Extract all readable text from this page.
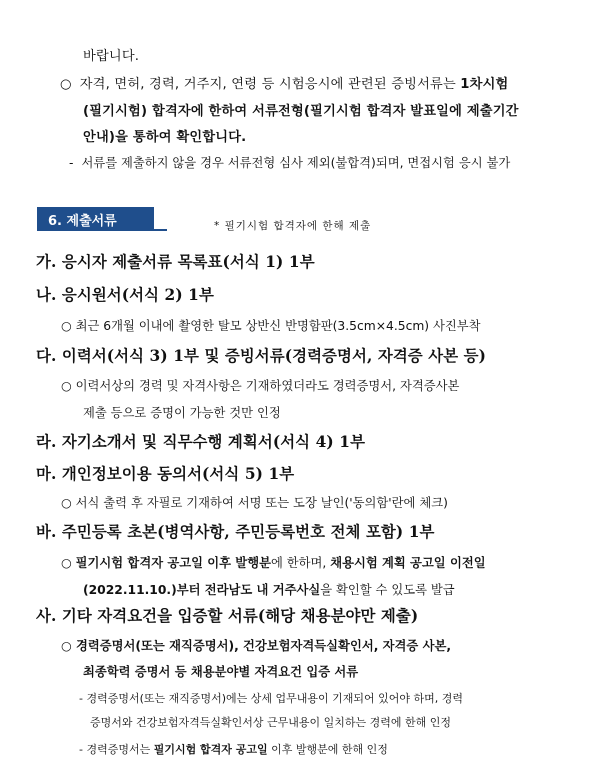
바랍니다.
○ 자격, 면허, 경력, 거주지, 연령 등 시험응시에 관련된 증빙서류는 1차시험
(필기시험) 합격자에 한하여 서류전형(필기시험 합격자 발표일에 제출기간
안내)을 통하여 확인합니다.
- 서류를 제출하지 않을 경우 서류전형 심사 제외(불합격)되며, 면접시험 응시 불가
6. 제출서류	* 필기시험 합격자에 한해 제출
가. 응시자 제출서류 목록표(서식 1) 1부
나. 응시원서(서식 2) 1부
○ 최근 6개월 이내에 촬영한 탈모 상반신 반명함판(3.5cm×4.5cm) 사진부착
다. 이력서(서식 3) 1부 및 증빙서류(경력증명서, 자격증 사본 등)
○ 이력서상의 경력 및 자격사항은 기재하였더라도 경력증명서, 자격증사본
제출 등으로 증명이 가능한 것만 인정
라. 자기소개서 및 직무수행 계획서(서식 4) 1부
마. 개인정보이용 동의서(서식 5) 1부
○ 서식 출력 후 자필로 기재하여 서명 또는 도장 날인('동의함'란에 체크)
바. 주민등록 초본(병역사항, 주민등록번호 전체 포함) 1부
○ 필기시험 합격자 공고일 이후 발행분에 한하며, 채용시험 계획 공고일 이전일
(2022.11.10.)부터 전라남도 내 거주사실을 확인할 수 있도록 발급
사. 기타 자격요건을 입증할 서류(해당 채용분야만 제출)
○ 경력증명서(또는 재직증명서), 건강보험자격득실확인서, 자격증 사본,
최종학력 증명서 등 채용분야별 자격요건 입증 서류
- 경력증명서(또는 재직증명서)에는 상세 업무내용이 기재되어 있어야 하며, 경력
증명서와 건강보험자격득실확인서상 근무내용이 일치하는 경력에 한해 인정
- 경력증명서는 필기시험 합격자 공고일 이후 발행분에 한해 인정
